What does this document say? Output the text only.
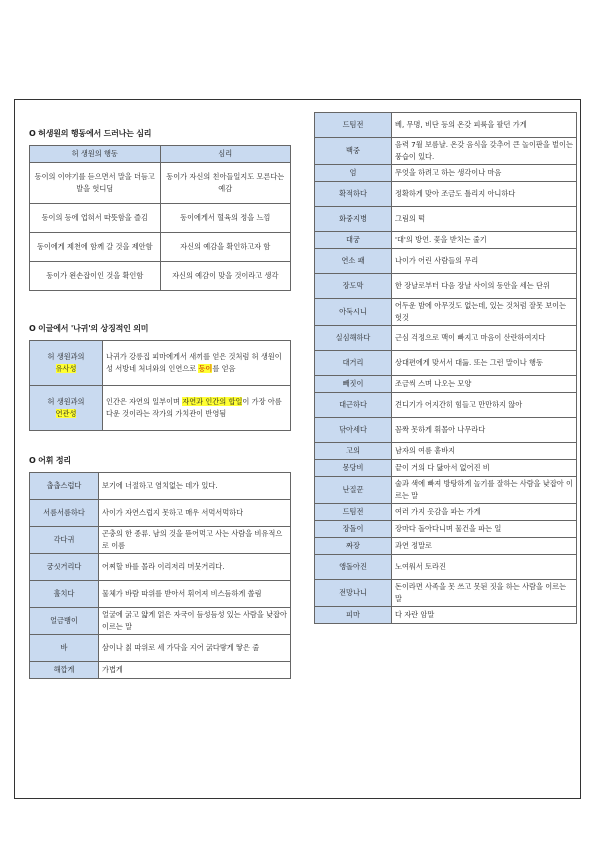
O 허생원의 행동에서 드러나는 심리
허 생원의 행동	심리
동이의 이야기를 듣으면서 말을 더듬고 발을 헛디딤	동이가 자신의 친아들일지도 모른다는 예감
동이의 등에 업혀서 따뜻함을 즐김	동이에게서 혈육의 정을 느낌
동이에게 제천에 함께 갈 것을 제안함	자신의 예감을 확인하고자 함
동이가 왼손잡이인 것을 확인함	자신의 예감이 맞을 것이라고 생각
O 이글에서 '나귀'의 상징적인 의미
허 생원과의
유사성	나귀가 강릉집 피마에게서 새끼를 얻은 것처럼 허 생원이 성 서방네 처녀와의 인연으로 동이를 얻음
허 생원과의
연관성	인간은 자연의 일부이며 자연과 인간의 합일이 가장 아름다운 것이라는 작가의 가치관이 반영됨
O 어휘 정리
춥춥스럽다	보기에 너절하고 염치없는 데가 있다.
서름서름하다	사이가 자연스럽지 못하고 매우 서먹서먹하다
각다귀	곤충의 한 종류. 남의 것을 뜯어먹고 사는 사람을 비유적으로 이름
궁싯거리다	어찌할 바를 몰라 이리저리 머뭇거리다.
훌치다	물체가 바람 따위를 받아서 휘어져 비스듬하게 쏠림
얼금뱅이	얼굴에 굵고 얇게 얽은 자국이 듬성듬성 있는 사람을 낮잡아 이르는 말
바	삼이나 칡 따위로 세 가닥을 지어 굵다랗게 땋은 줄
해깝게	가볍게
드팀전	베, 무명, 비단 등의 온갖 피륙을 팔던 가게
백중	음력 7월 보름날. 온갖 음식을 갖추어 큰 놀이판을 벌이는 풍습이 있다.
엄	무엇을 하려고 하는 생각이나 마음
확적하다	정확하게 맞아 조금도 틀리지 아니하다
화중지병	그림의 떡
대궁	'대'의 방언. 꽃을 받치는 줄기
연소 패	나이가 어린 사람들의 무리
장도막	한 장날로부터 다음 장날 사이의 동안을 세는 단위
아둑시니	어두운 밤에 아무것도 없는데, 있는 것처럼 잘못 보이는 헛것
실심해하다	근심 걱정으로 맥이 빠지고 마음이 산란하여지다
대거리	상대편에게 맞서서 대듦. 또는 그런 말이나 행동
빼짓이	조금씩 스며 나오는 모양
대근하다	견디기가 어지간히 힘들고 만만하지 않아
닦아세다	꼼짝 못하게 휘몰아 나무라다
고의	남자의 여름 홑바지
몽당비	끝이 거의 다 닳아서 없어진 비
난질꾼	술과 색에 빠져 방탕하게 놀기를 잘하는 사람을 낮잡아 이르는 말
드팀전	여러 가지 옷감을 파는 가게
장돌이	장마다 돌아다니며 물건을 파는 일
짜장	과연 정말로
앵돌아진	노여워서 토라진
전망나니	돈이라면 사족을 못 쓰고 못된 짓을 하는 사람을 이르는 말
피마	다 자란 암말
